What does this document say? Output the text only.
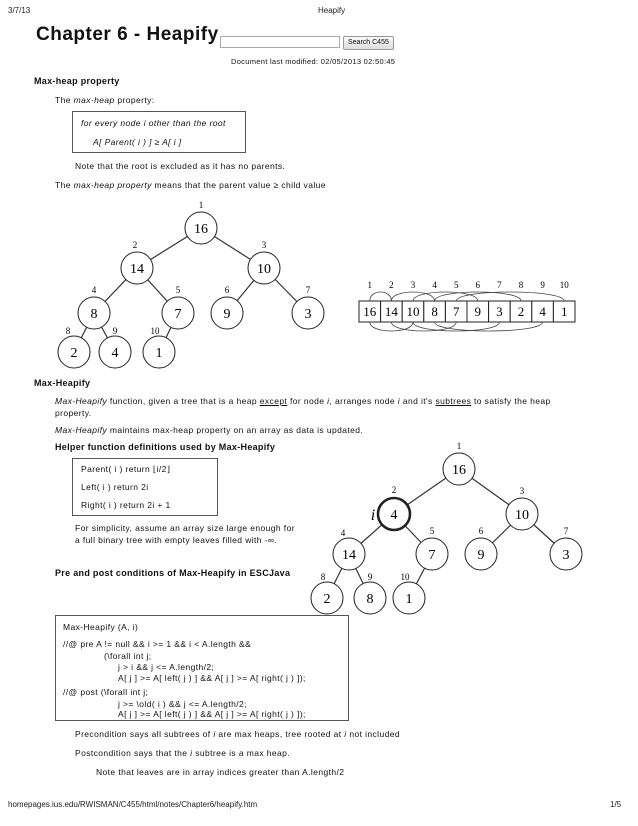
3/7/13	Heapify
Chapter 6 - Heapify	Search C455
Document last modified: 02/05/2013 02:50:45
Max-heap property
The max-heap property:
for every node i other than the root
A[ Parent( i ) ] ≥ A[ i ]
Note that the root is excluded as it has no parents.
The max-heap property means that the parent value ≥ child value
16
1
14
2
10
3
8
4
7
5
9
6
3
7
2
8
4
9
1
10
16
1
14
2
10
3
8
4
7
5
9
6
3
7
2
8
4
9
1
10
Max-Heapify
Max-Heapify function, given a tree that is a heap except for node i, arranges node i and it's subtrees to satisfy the heap property.
Max-Heapify maintains max-heap property on an array as data is updated.
Helper function definitions used by Max-Heapify
Parent( i ) return ⌊i/2⌋
Left( i ) return 2i
Right( i ) return 2i + 1
For simplicity, assume an array size large enough for
a full binary tree with empty leaves filled with -∞.
Pre and post conditions of Max-Heapify in ESCJava
16
1
4
2
10
3
14
4
7
5
9
6
3
7
2
8
8
9
1
10
i
Max-Heapify (A, i)
//@ pre A != null && i >= 1 && i < A.length &&
(\forall int j;
j > i && j <= A.length/2;
A[ j ] >= A[ left( j ) ] && A[ j ] >= A[ right( j ) ]);
//@ post (\forall int j;
j >= \old( i ) && j <= A.length/2;
A[ j ] >= A[ left( j ) ] && A[ j ] >= A[ right( j ) ]);
Precondition says all subtrees of i are max heaps, tree rooted at i not included
Postcondition says that the i subtree is a max heap.
Note that leaves are in array indices greater than A.length/2
homepages.ius.edu/RWISMAN/C455/html/notes/Chapter6/heapify.htm	1/5
